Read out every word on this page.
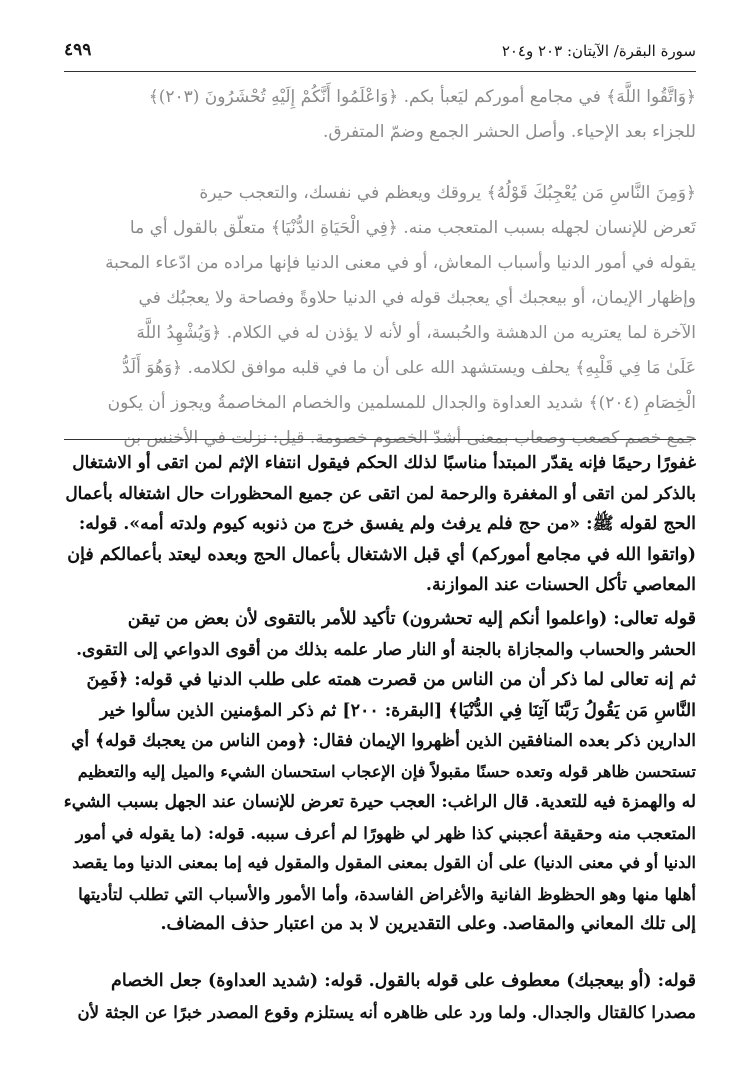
سورة البقرة/ الآيتان: ٢٠٣ و٢٠٤
٤٩٩

﴿وَاتَّقُوا اللَّهَ﴾ في مجامع أموركم ليَعبأ بكم. ﴿وَاعْلَمُوا أَنَّكُمْ إِلَيْهِ تُحْشَرُونَ (٢٠٣)﴾

للجزاء بعد الإحياء. وأصل الحشر الجمع وضمّ المتفرق.

﴿وَمِنَ النَّاسِ مَن يُعْجِبُكَ قَوْلُهُ﴾ يروقك ويعظم في نفسك، والتعجب حيرة

تَعرض للإنسان لجهله بسبب المتعجب منه. ﴿فِي الْحَيَاةِ الدُّنْيَا﴾ متعلّق بالقول أي ما

يقوله في أمور الدنيا وأسباب المعاش، أو في معنى الدنيا فإنها مراده من ادّعاء المحبة

وإظهار الإيمان، أو بيعجبك أي يعجبك قوله في الدنيا حلاوةً وفصاحة ولا يعجبُك في

الآخرة لما يعتريه من الدهشة والحُبسة، أو لأنه لا يؤذن له في الكلام. ﴿وَيُشْهِدُ اللَّهَ

عَلَىٰ مَا فِي قَلْبِهِ﴾ يحلف ويستشهد الله على أن ما في قلبه موافق لكلامه. ﴿وَهُوَ أَلَدُّ

الْخِصَامِ (٢٠٤)﴾ شديد العداوة والجدال للمسلمين والخصام المخاصمةُ ويجوز أن يكون

جمع خصم كصعب وصعاب بمعنى أشدّ الخصوم خصومة. قيل: نزلت في الأخنس بن

غفورًا رحيمًا فإنه يقدّر المبتدأ مناسبًا لذلك الحكم فيقول انتفاء الإثم لمن اتقى أو الاشتغال

بالذكر لمن اتقى أو المغفرة والرحمة لمن اتقى عن جميع المحظورات حال اشتغاله بأعمال

الحج لقوله ﷺ: «من حج فلم يرفث ولم يفسق خرج من ذنوبه كيوم ولدته أمه». قوله:

(واتقوا الله في مجامع أموركم) أي قبل الاشتغال بأعمال الحج وبعده ليعتد بأعمالكم فإن

المعاصي تأكل الحسنات عند الموازنة.

قوله تعالى: (واعلموا أنكم إليه تحشرون) تأكيد للأمر بالتقوى لأن بعض من تيقن

الحشر والحساب والمجازاة بالجنة أو النار صار علمه بذلك من أقوى الدواعي إلى التقوى.

ثم إنه تعالى لما ذكر أن من الناس من قصرت همته على طلب الدنيا في قوله: ﴿فَمِنَ

النَّاسِ مَن يَقُولُ رَبَّنَا آتِنَا فِي الدُّنْيَا﴾ [البقرة: ٢٠٠] ثم ذكر المؤمنين الذين سألوا خير

الدارين ذكر بعده المنافقين الذين أظهروا الإيمان فقال: ﴿ومن الناس من يعجبك قوله﴾ أي

تستحسن ظاهر قوله وتعده حسنًا مقبولاً فإن الإعجاب استحسان الشيء والميل إليه والتعظيم

له والهمزة فيه للتعدية. قال الراغب: العجب حيرة تعرض للإنسان عند الجهل بسبب الشيء

المتعجب منه وحقيقة أعجبني كذا ظهر لي ظهورًا لم أعرف سببه. قوله: (ما يقوله في أمور

الدنيا أو في معنى الدنيا) على أن القول بمعنى المقول والمقول فيه إما بمعنى الدنيا وما يقصد

أهلها منها وهو الحظوظ الفانية والأغراض الفاسدة، وأما الأمور والأسباب التي تطلب لتأديتها

إلى تلك المعاني والمقاصد. وعلى التقديرين لا بد من اعتبار حذف المضاف.

قوله: (أو بيعجبك) معطوف على قوله بالقول. قوله: (شديد العداوة) جعل الخصام

مصدرا كالقتال والجدال. ولما ورد على ظاهره أنه يستلزم وقوع المصدر خبرًا عن الجثة لأن
